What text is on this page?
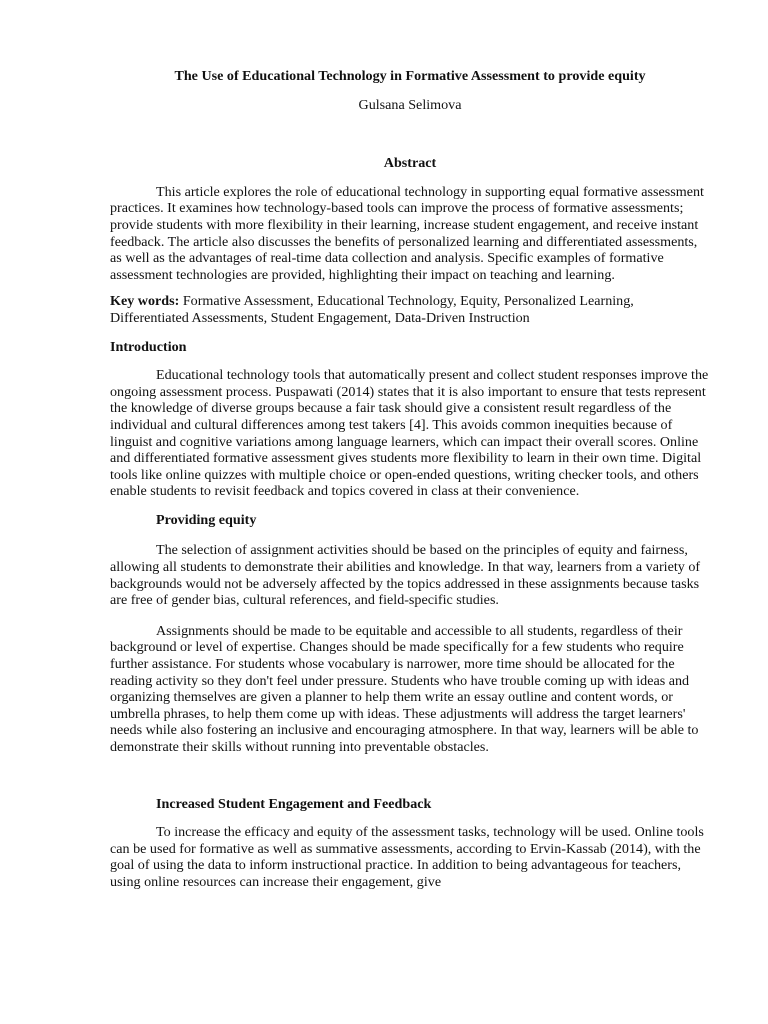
The Use of Educational Technology in Formative Assessment to provide equity

Gulsana Selimova

Abstract

This article explores the role of educational technology in supporting equal formative assessment practices. It examines how technology-based tools can improve the process of formative assessments; provide students with more flexibility in their learning, increase student engagement, and receive instant feedback. The article also discusses the benefits of personalized learning and differentiated assessments, as well as the advantages of real-time data collection and analysis. Specific examples of formative assessment technologies are provided, highlighting their impact on teaching and learning.

Key words: Formative Assessment, Educational Technology, Equity, Personalized Learning, Differentiated Assessments, Student Engagement, Data-Driven Instruction

Introduction

Educational technology tools that automatically present and collect student responses improve the ongoing assessment process. Puspawati (2014) states that it is also important to ensure that tests represent the knowledge of diverse groups because a fair task should give a consistent result regardless of the individual and cultural differences among test takers [4]. This avoids common inequities because of linguist and cognitive variations among language learners, which can impact their overall scores. Online and differentiated formative assessment gives students more flexibility to learn in their own time. Digital tools like online quizzes with multiple choice or open-ended questions, writing checker tools, and others enable students to revisit feedback and topics covered in class at their convenience.

Providing equity

The selection of assignment activities should be based on the principles of equity and fairness, allowing all students to demonstrate their abilities and knowledge. In that way, learners from a variety of backgrounds would not be adversely affected by the topics addressed in these assignments because tasks are free of gender bias, cultural references, and field-specific studies.

Assignments should be made to be equitable and accessible to all students, regardless of their background or level of expertise. Changes should be made specifically for a few students who require further assistance. For students whose vocabulary is narrower, more time should be allocated for the reading activity so they don't feel under pressure. Students who have trouble coming up with ideas and organizing themselves are given a planner to help them write an essay outline and content words, or umbrella phrases, to help them come up with ideas. These adjustments will address the target learners' needs while also fostering an inclusive and encouraging atmosphere. In that way, learners will be able to demonstrate their skills without running into preventable obstacles.

Increased Student Engagement and Feedback

To increase the efficacy and equity of the assessment tasks, technology will be used. Online tools can be used for formative as well as summative assessments, according to Ervin-Kassab (2014), with the goal of using the data to inform instructional practice. In addition to being advantageous for teachers, using online resources can increase their engagement, give
